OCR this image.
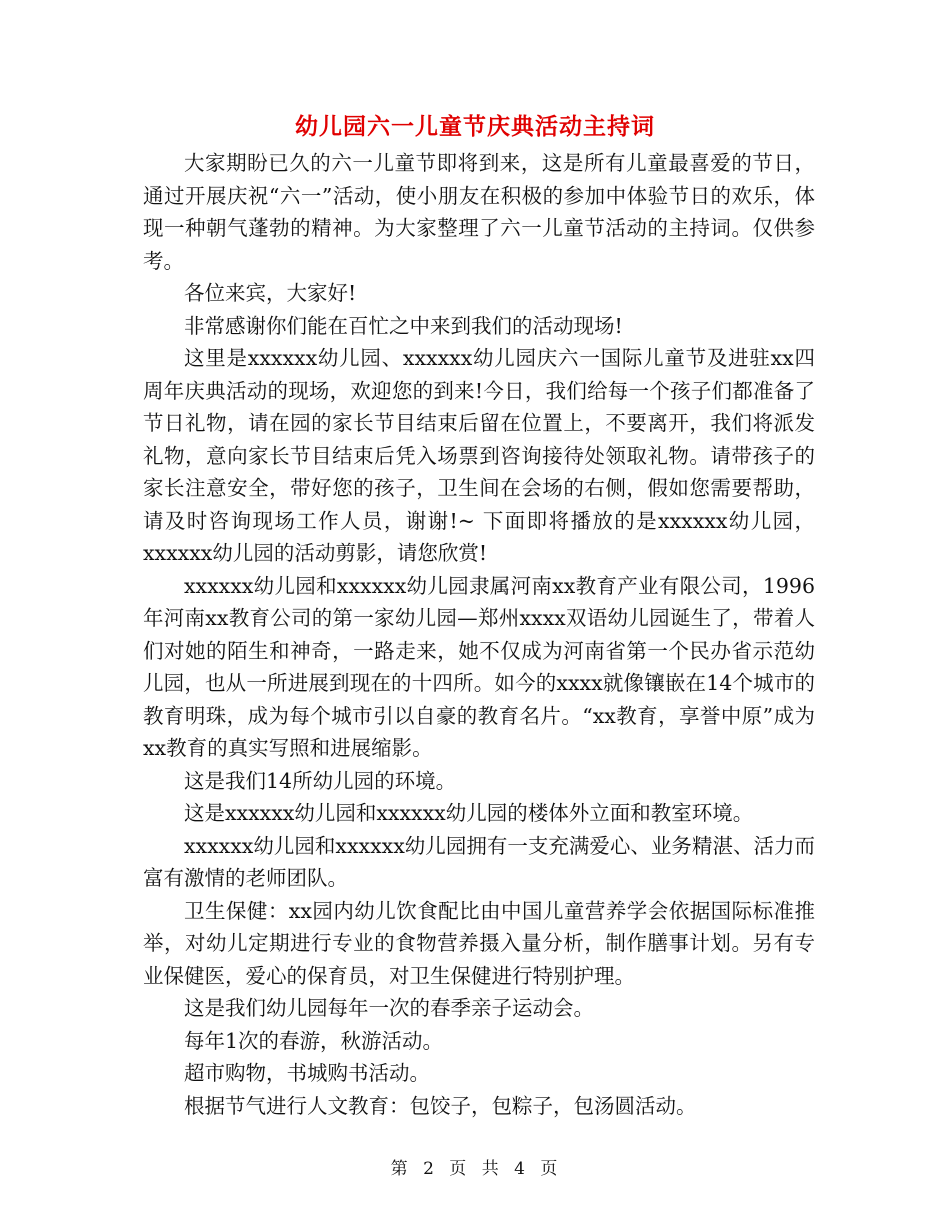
幼儿园六一儿童节庆典活动主持词

大家期盼已久的六一儿童节即将到来，这是所有儿童最喜爱的节日，通过开展庆祝“六一”活动，使小朋友在积极的参加中体验节日的欢乐，体现一种朝气蓬勃的精神。为大家整理了六一儿童节活动的主持词。仅供参考。

各位来宾，大家好!

非常感谢你们能在百忙之中来到我们的活动现场!

这里是xxxxxx幼儿园、xxxxxx幼儿园庆六一国际儿童节及进驻xx四周年庆典活动的现场，欢迎您的到来!今日，我们给每一个孩子们都准备了节日礼物，请在园的家长节目结束后留在位置上，不要离开，我们将派发礼物，意向家长节目结束后凭入场票到咨询接待处领取礼物。请带孩子的家长注意安全，带好您的孩子，卫生间在会场的右侧，假如您需要帮助，请及时咨询现场工作人员，谢谢!~ 下面即将播放的是xxxxxx幼儿园，xxxxxx幼儿园的活动剪影，请您欣赏!

xxxxxx幼儿园和xxxxxx幼儿园隶属河南xx教育产业有限公司，1996年河南xx教育公司的第一家幼儿园—郑州xxxx双语幼儿园诞生了，带着人们对她的陌生和神奇，一路走来，她不仅成为河南省第一个民办省示范幼儿园，也从一所进展到现在的十四所。如今的xxxx就像镶嵌在14个城市的教育明珠，成为每个城市引以自豪的教育名片。“xx教育，享誉中原”成为xx教育的真实写照和进展缩影。

这是我们14所幼儿园的环境。

这是xxxxxx幼儿园和xxxxxx幼儿园的楼体外立面和教室环境。

xxxxxx幼儿园和xxxxxx幼儿园拥有一支充满爱心、业务精湛、活力而富有激情的老师团队。

卫生保健：xx园内幼儿饮食配比由中国儿童营养学会依据国际标准推举，对幼儿定期进行专业的食物营养摄入量分析，制作膳事计划。另有专业保健医，爱心的保育员，对卫生保健进行特别护理。

这是我们幼儿园每年一次的春季亲子运动会。

每年1次的春游，秋游活动。

超市购物，书城购书活动。

根据节气进行人文教育：包饺子，包粽子，包汤圆活动。

第 2 页 共 4 页
